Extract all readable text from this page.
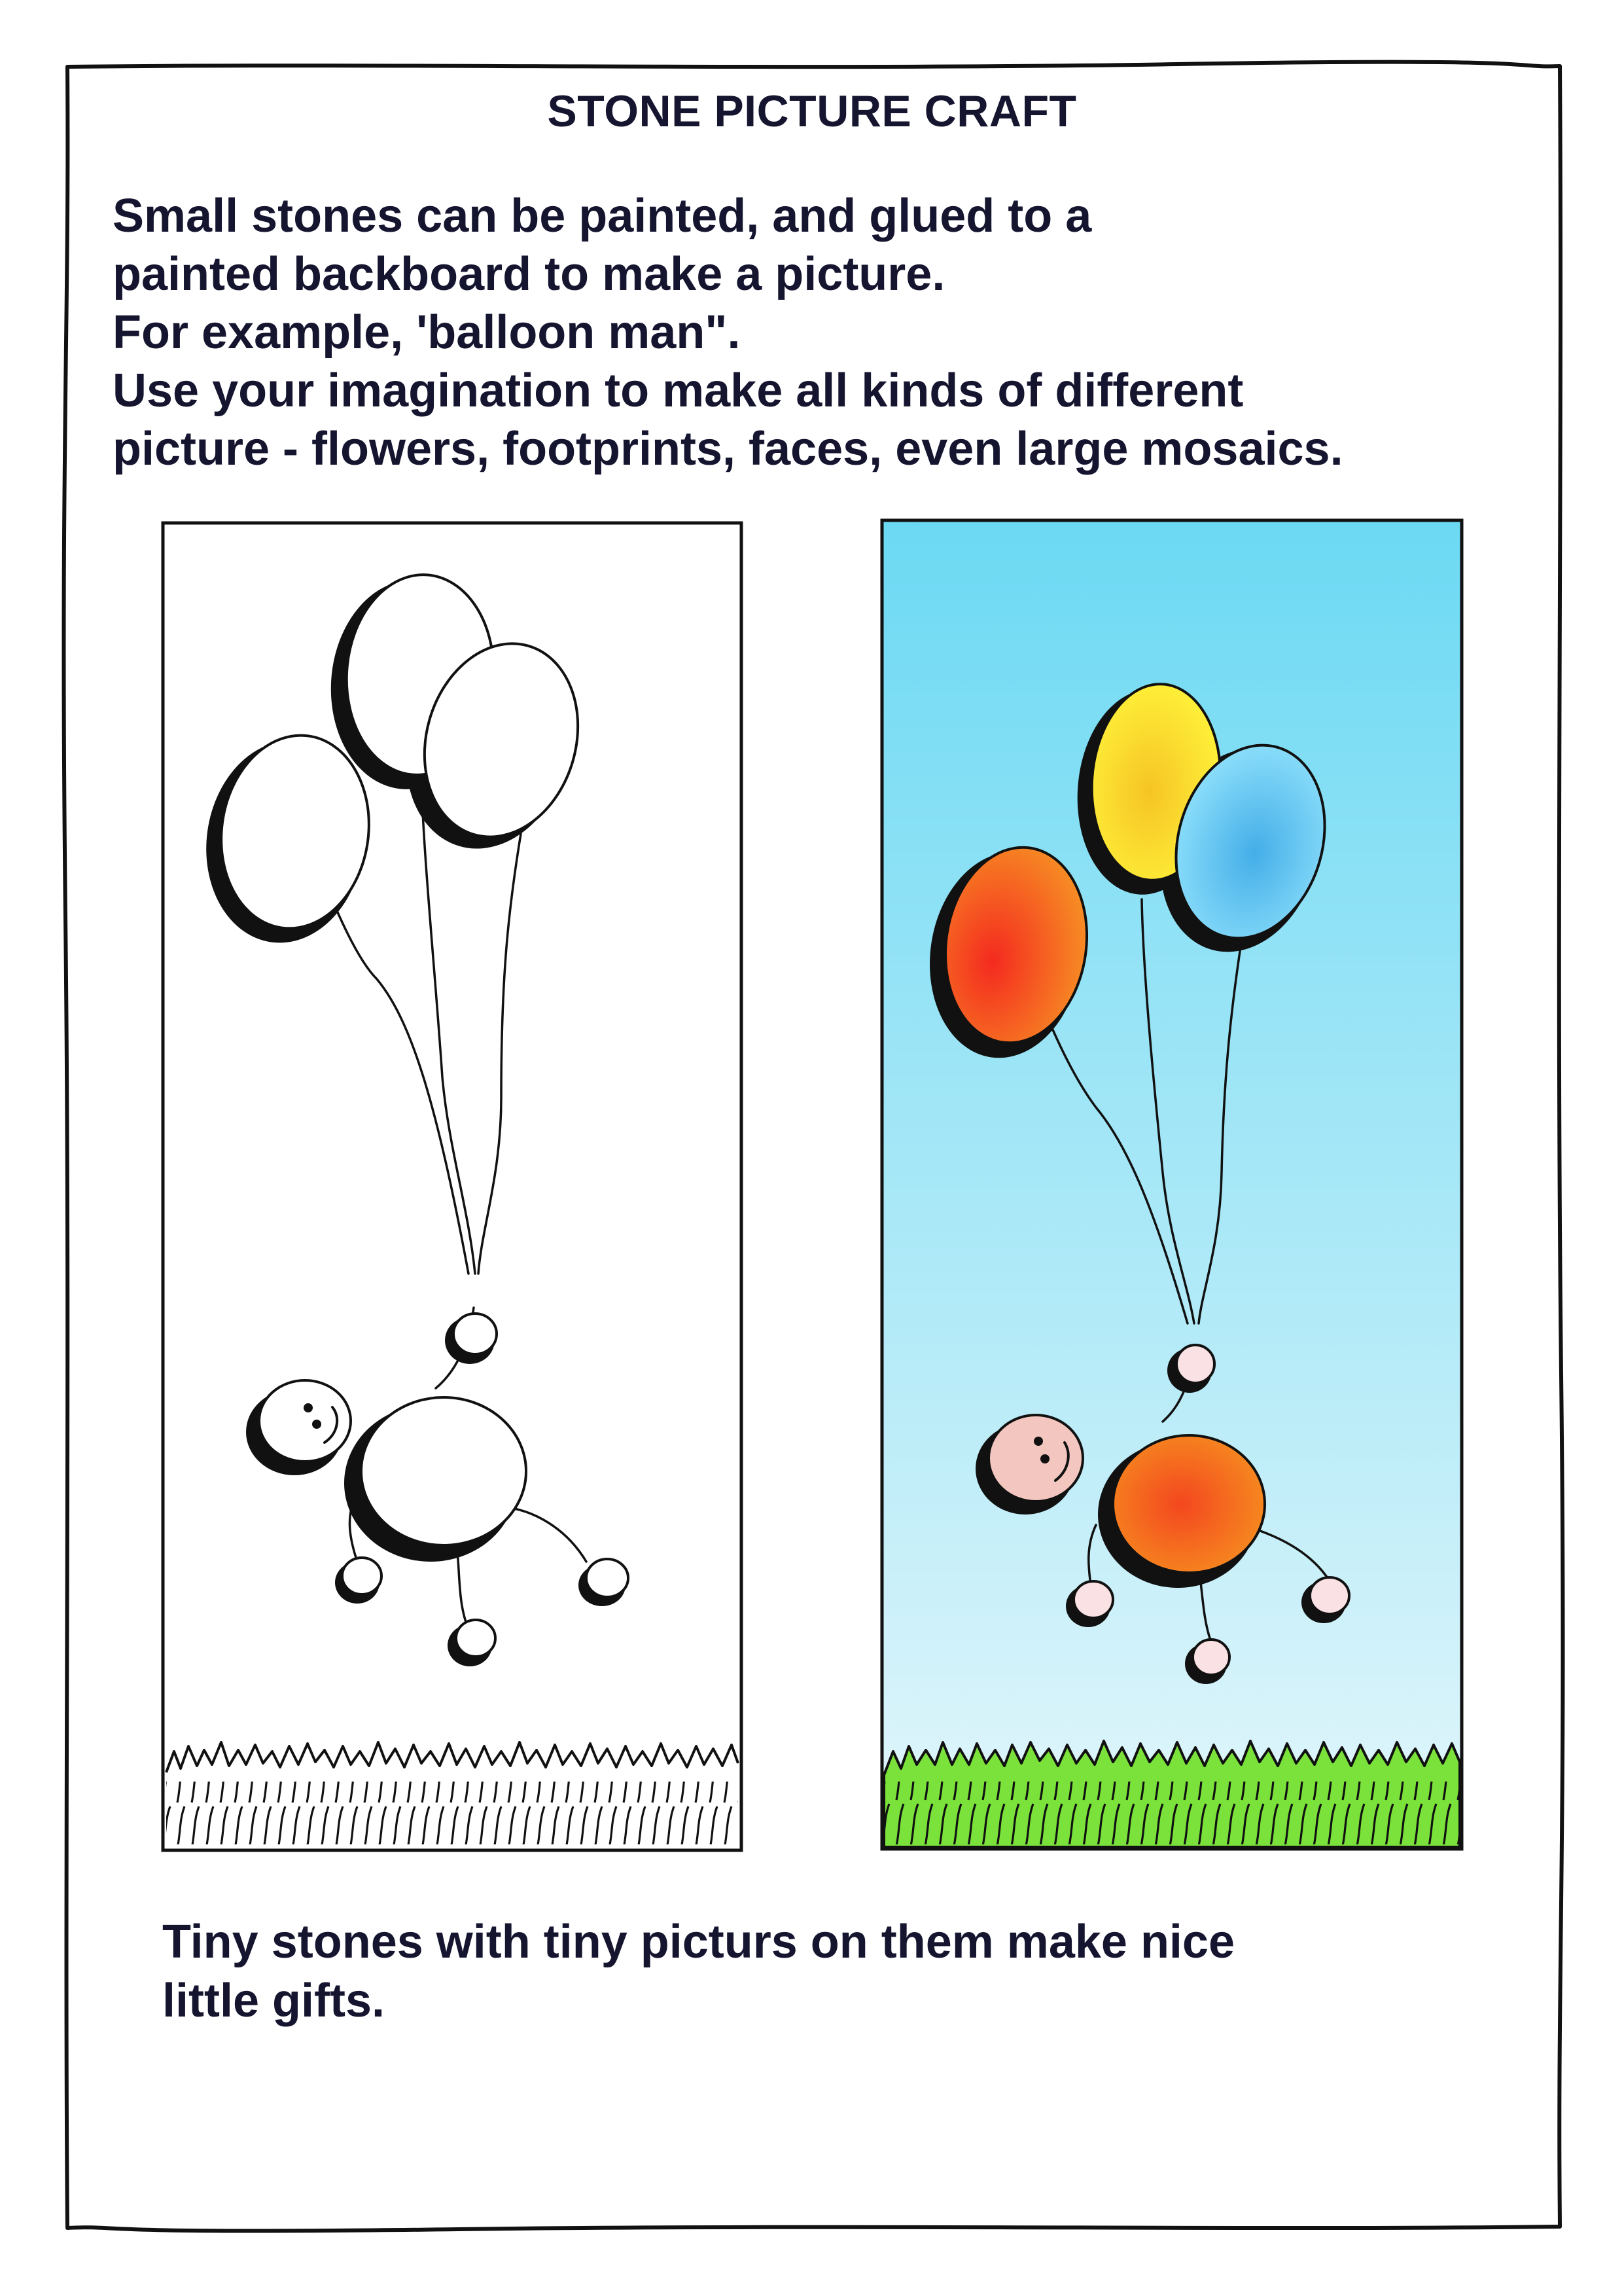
STONE PICTURE CRAFT
Small stones can be painted, and glued to a
painted backboard to make a picture.
For example, 'balloon man".
Use your imagination to make all kinds of different
picture - flowers, footprints, faces, even large mosaics.
Tiny stones with tiny picturs on them make nice
little gifts.
